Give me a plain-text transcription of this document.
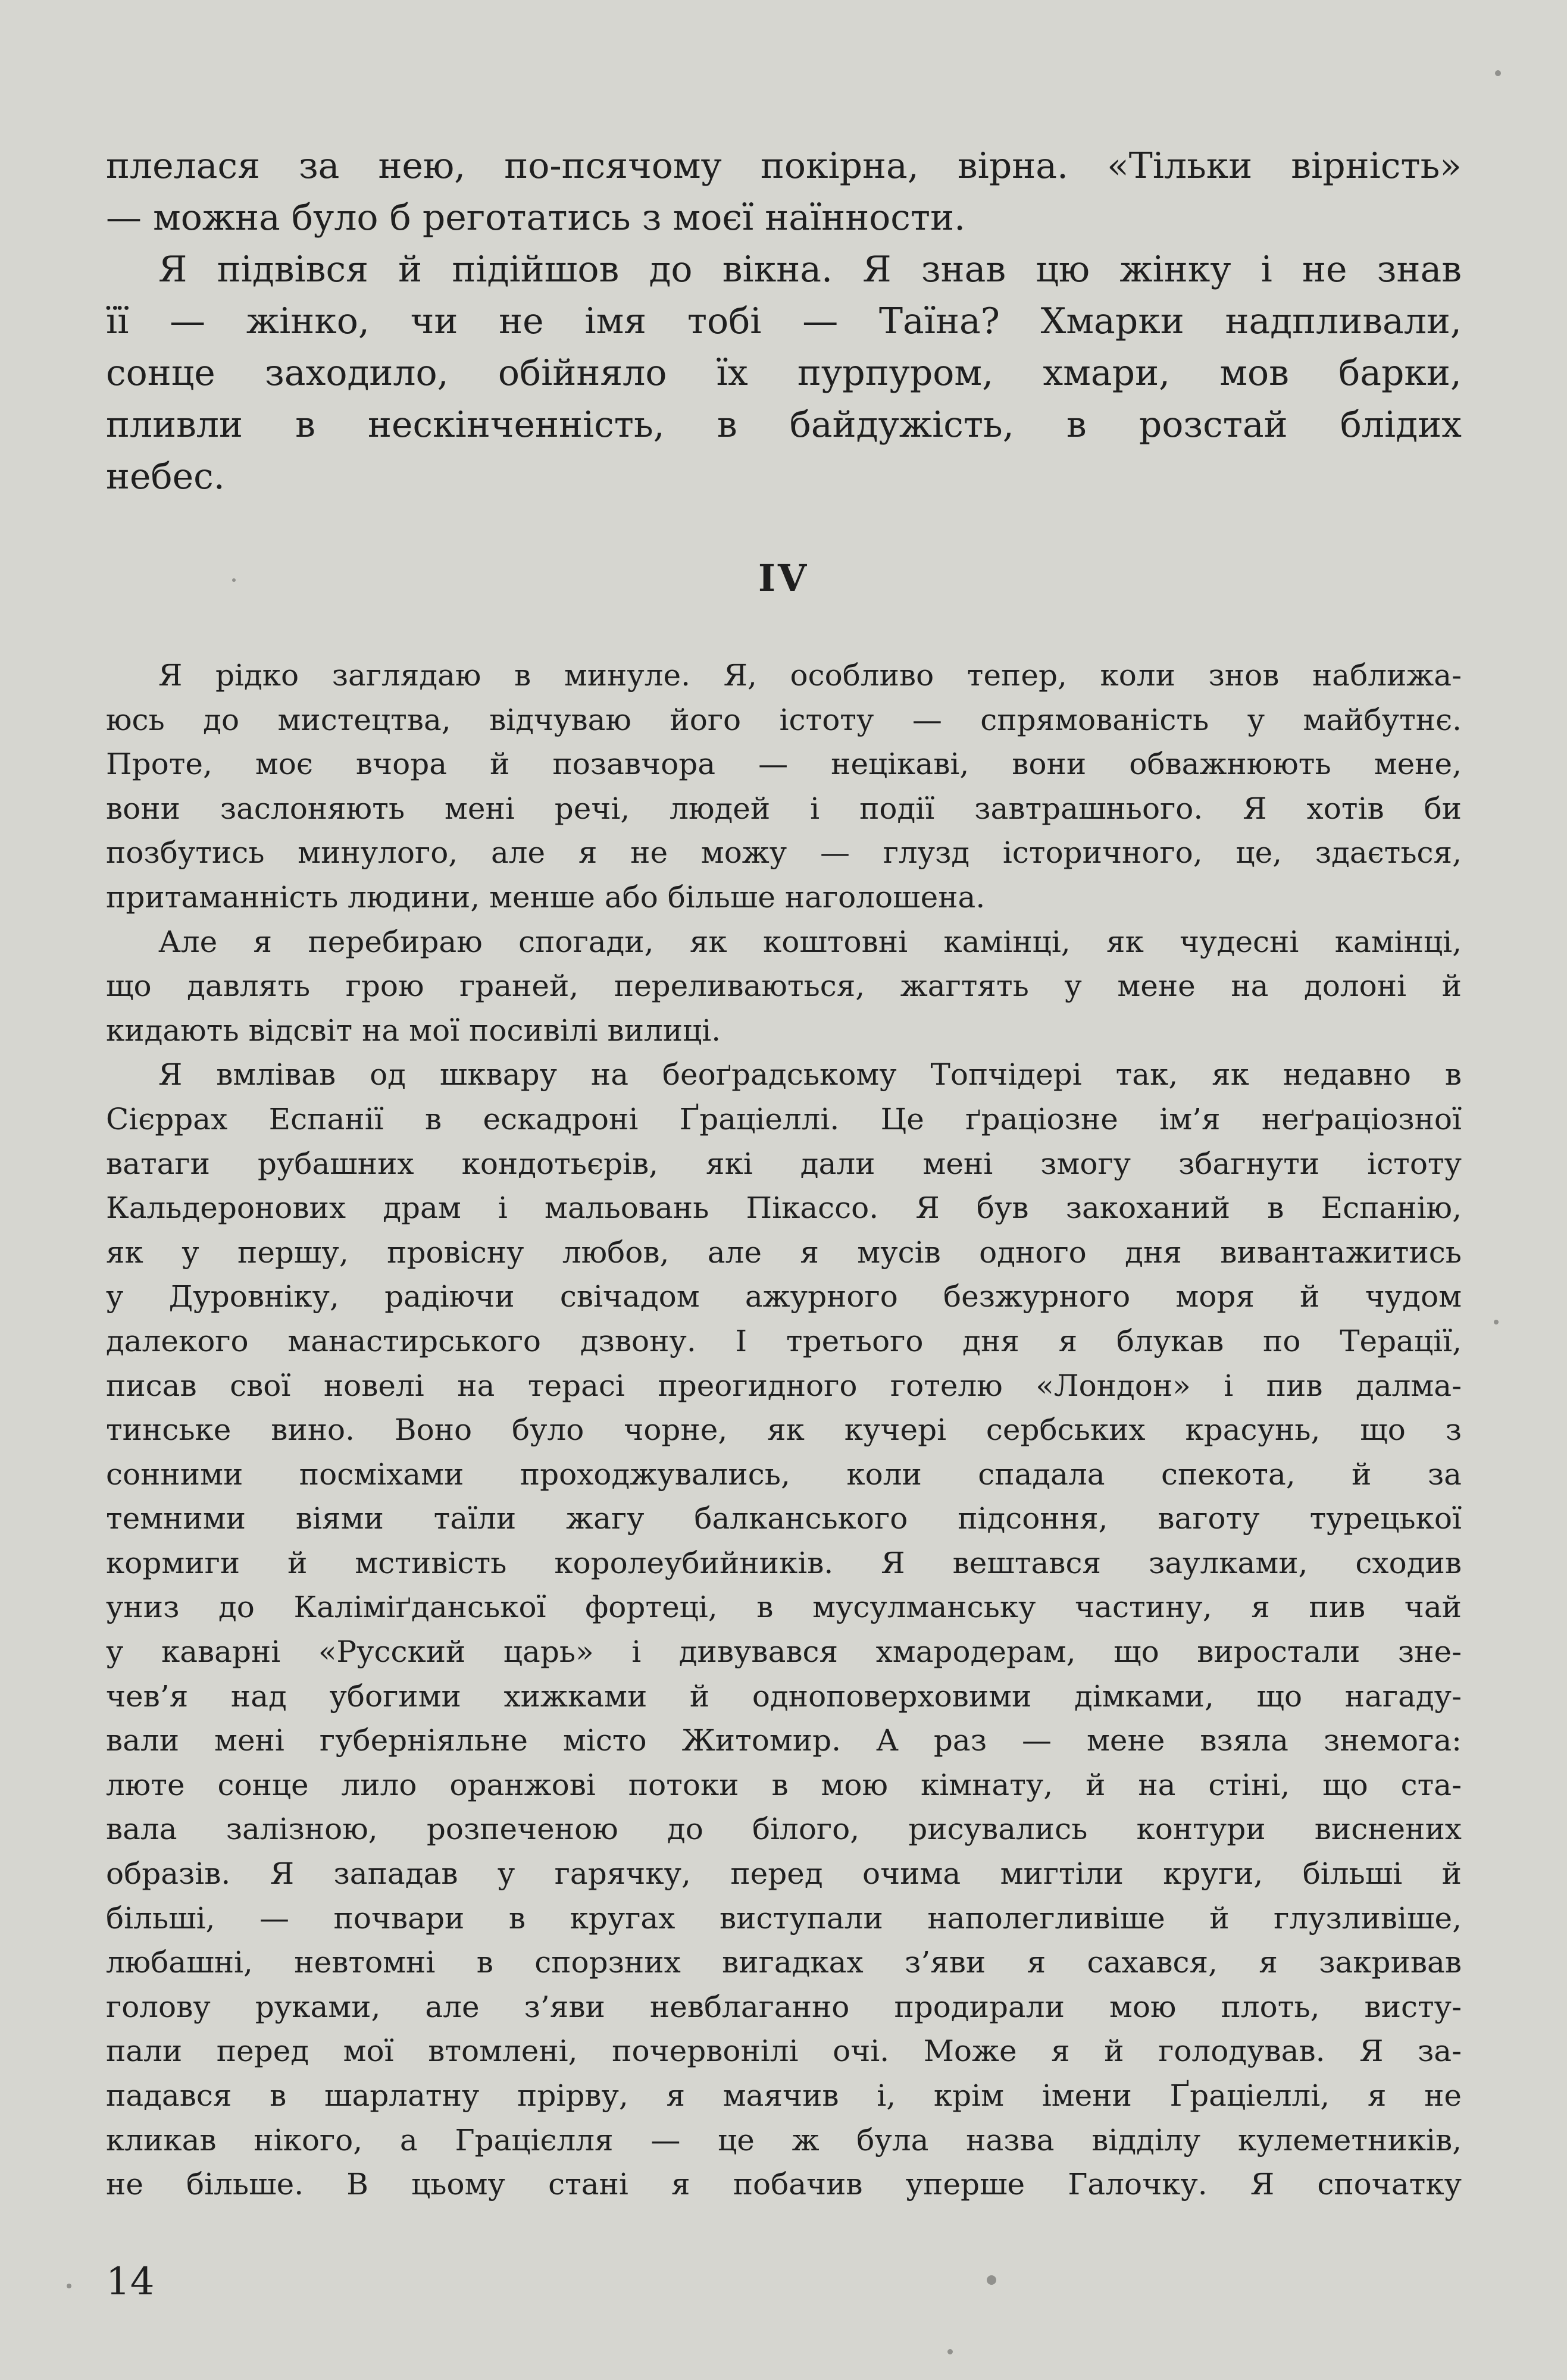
плелася за нею, по-псячому покірна, вірна. «Тільки вірність»
— можна було б реготатись з моєї наїнности.
Я підвівся й підійшов до вікна. Я знав цю жінку і не знав
її — жінко, чи не імя тобі — Таїна? Хмарки надпливали,
сонце заходило, обійняло їх пурпуром, хмари, мов барки,
пливли в нескінченність, в байдужість, в розстай блідих
небес.
IV
Я рідко заглядаю в минуле. Я, особливо тепер, коли знов наближа-
юсь до мистецтва, відчуваю його істоту — спрямованість у майбутнє.
Проте, моє вчора й позавчора — нецікаві, вони обважнюють мене,
вони заслоняють мені речі, людей і події завтрашнього. Я хотів би
позбутись минулого, але я не можу — глузд історичного, це, здається,
притаманність людини, менше або більше наголошена.
Але я перебираю спогади, як коштовні камінці, як чудесні камінці,
що давлять грою граней, переливаються, жагтять у мене на долоні й
кидають відсвіт на мої посивілі вилиці.
Я вмлівав од шквару на беоґрадському Топчідері так, як недавно в
Сієррах Еспанії в ескадроні Ґраціеллі. Це ґраціозне ім’я неґраціозної
ватаги рубашних кондотьєрів, які дали мені змогу збагнути істоту
Кальдеронових драм і мальовань Пікассо. Я був закоханий в Еспанію,
як у першу, провісну любов, але я мусів одного дня вивантажитись
у Дуровніку, радіючи свічадом ажурного безжурного моря й чудом
далекого манастирського дзвону. І третього дня я блукав по Терації,
писав свої новелі на терасі преогидного готелю «Лондон» і пив далма-
тинське вино. Воно було чорне, як кучері сербських красунь, що з
сонними посміхами проходжувались, коли спадала спекота, й за
темними віями таїли жагу балканського підсоння, ваготу турецької
кормиги й мстивість королеубийників. Я вештався заулками, сходив
униз до Каліміґданської фортеці, в мусулманську частину, я пив чай
у каварні «Русский царь» і дивувався хмародерам, що виростали зне-
чев’я над убогими хижками й одноповерховими дімками, що нагаду-
вали мені губерніяльне місто Житомир. А раз — мене взяла знемога:
люте сонце лило оранжові потоки в мою кімнату, й на стіні, що ста-
вала залізною, розпеченою до білого, рисувались контури виснених
образів. Я западав у гарячку, перед очима мигтіли круги, більші й
більші, — почвари в кругах виступали наполегливіше й глузливіше,
любашні, невтомні в спорзних вигадках з’яви я сахався, я закривав
голову руками, але з’яви невблаганно продирали мою плоть, висту-
пали перед мої втомлені, почервонілі очі. Може я й голодував. Я за-
падався в шарлатну прірву, я маячив і, крім імени Ґраціеллі, я не
кликав нікого, а Грацієлля — це ж була назва відділу кулеметників,
не більше. В цьому стані я побачив уперше Галочку. Я спочатку
14
